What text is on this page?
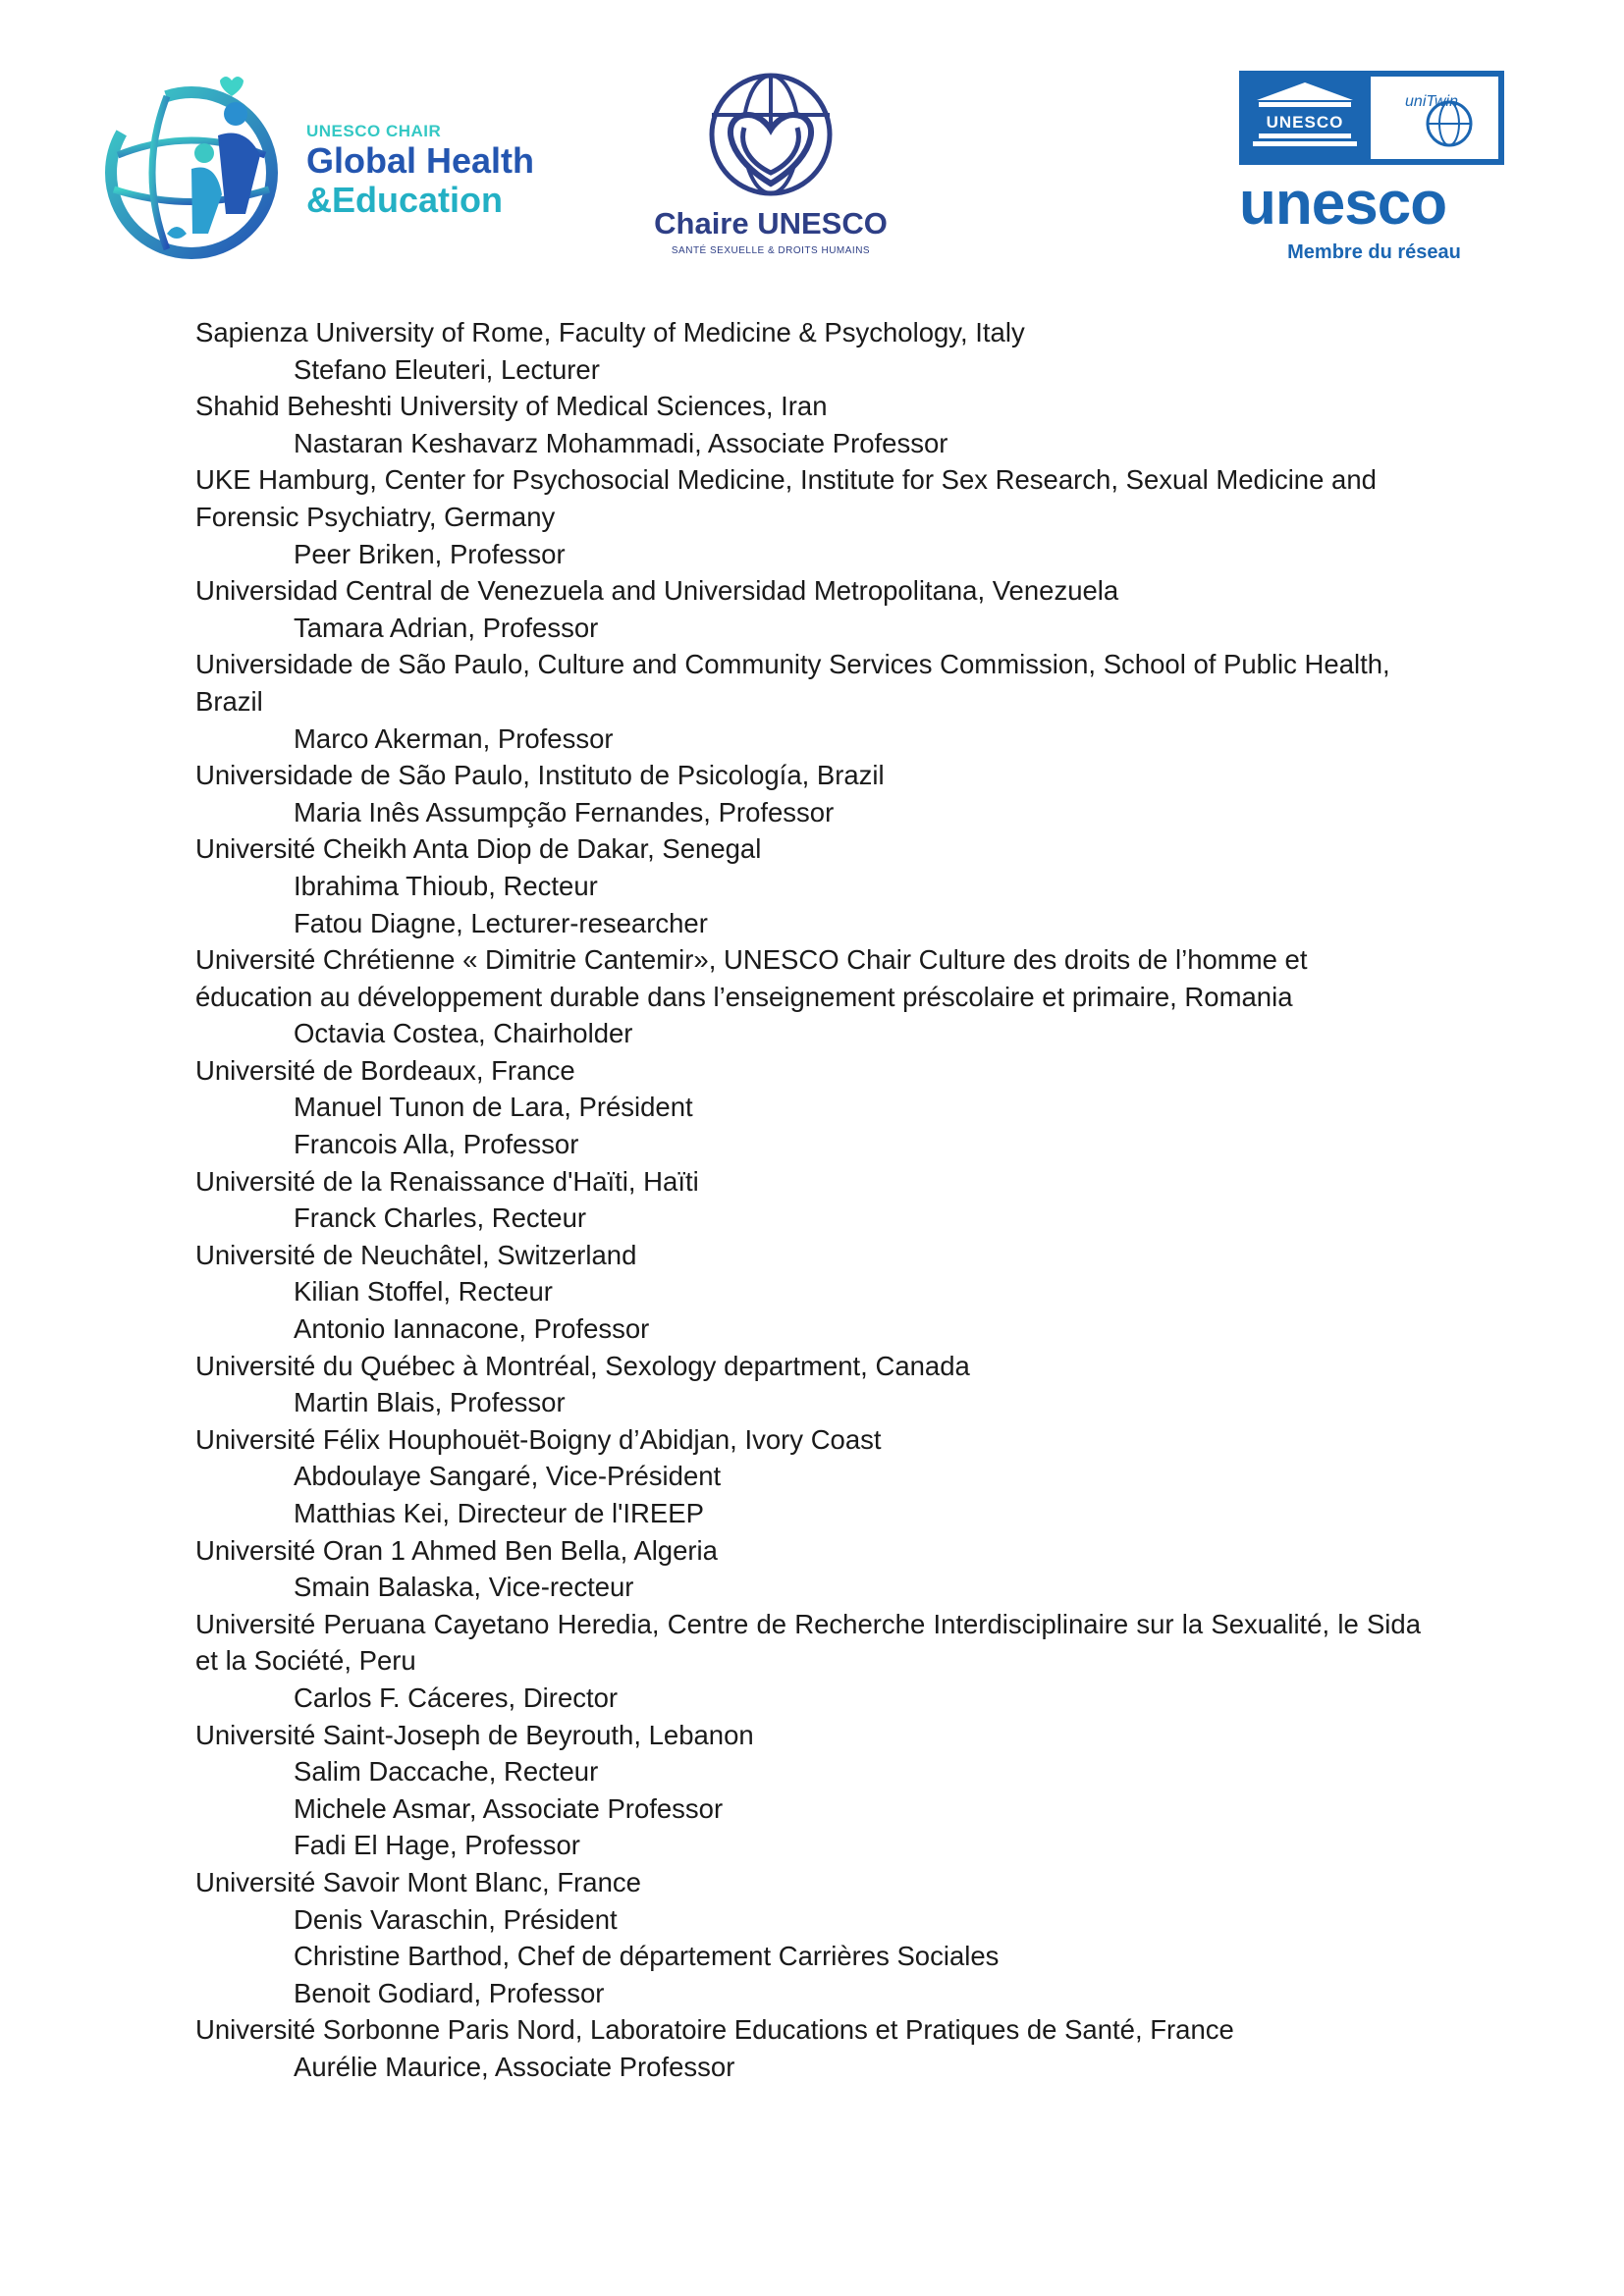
UNESCO CHAIR
Global Health
&Education
Chaire UNESCO
SANTÉ SEXUELLE & DROITS HUMAINS
UNESCO
uniTwin
unesco
Membre du réseau
Sapienza University of Rome, Faculty of Medicine & Psychology, Italy
Stefano Eleuteri, Lecturer
Shahid Beheshti University of Medical Sciences, Iran
Nastaran Keshavarz Mohammadi, Associate Professor
UKE Hamburg, Center for Psychosocial Medicine, Institute for Sex Research, Sexual Medicine and Forensic Psychiatry, Germany
Peer Briken, Professor
Universidad Central de Venezuela and Universidad Metropolitana, Venezuela
Tamara Adrian, Professor
Universidade de São Paulo, Culture and Community Services Commission, School of Public Health, Brazil
Marco Akerman, Professor
Universidade de São Paulo, Instituto de Psicología, Brazil
Maria Inês Assumpção Fernandes, Professor
Université Cheikh Anta Diop de Dakar, Senegal
Ibrahima Thioub, Recteur
Fatou Diagne, Lecturer-researcher
Université Chrétienne « Dimitrie Cantemir», UNESCO Chair Culture des droits de l’homme et éducation au développement durable dans l’enseignement préscolaire et primaire, Romania
Octavia Costea, Chairholder
Université de Bordeaux, France
Manuel Tunon de Lara, Président
Francois Alla, Professor
Université de la Renaissance d'Haïti, Haïti
Franck Charles, Recteur
Université de Neuchâtel, Switzerland
Kilian Stoffel, Recteur
Antonio Iannacone, Professor
Université du Québec à Montréal, Sexology department, Canada
Martin Blais, Professor
Université Félix Houphouët-Boigny d’Abidjan, Ivory Coast
Abdoulaye Sangaré, Vice-Président
Matthias Kei, Directeur de l'IREEP
Université Oran 1 Ahmed Ben Bella, Algeria
Smain Balaska, Vice-recteur
Université Peruana Cayetano Heredia, Centre de Recherche Interdisciplinaire sur la Sexualité, le Sida et la Société, Peru
Carlos F. Cáceres, Director
Université Saint-Joseph de Beyrouth, Lebanon
Salim Daccache, Recteur
Michele Asmar, Associate Professor
Fadi El Hage, Professor
Université Savoir Mont Blanc, France
Denis Varaschin, Président
Christine Barthod, Chef de département Carrières Sociales
Benoit Godiard, Professor
Université Sorbonne Paris Nord, Laboratoire Educations et Pratiques de Santé, France
Aurélie Maurice, Associate Professor
